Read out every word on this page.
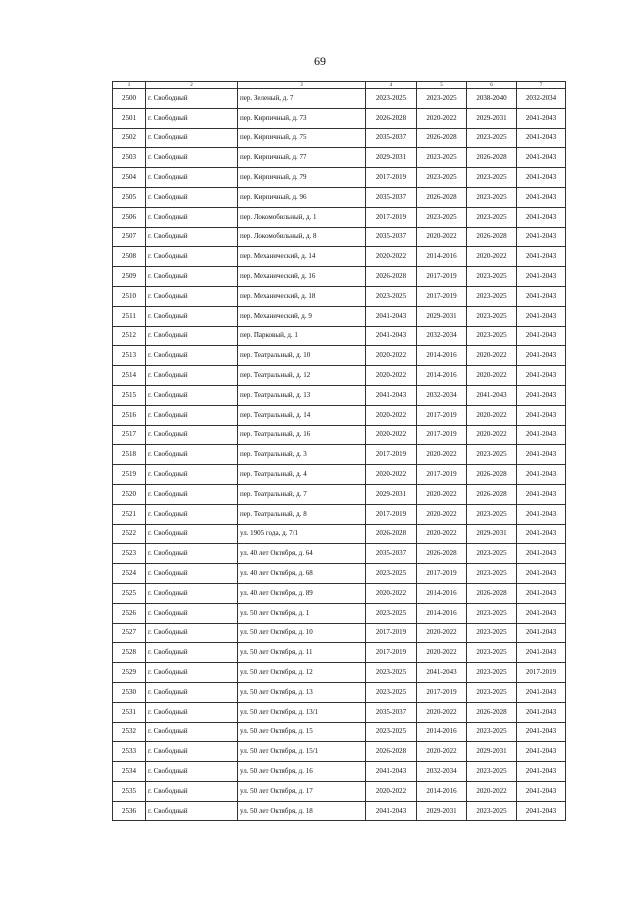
69
1	2	3	4	5	6	7
2500	г. Свободный	пер. Зеленый, д. 7	2023-2025	2023-2025	2038-2040	2032-2034
2501	г. Свободный	пер. Кирпичный, д. 73	2026-2028	2020-2022	2029-2031	2041-2043
2502	г. Свободный	пер. Кирпичный, д. 75	2035-2037	2026-2028	2023-2025	2041-2043
2503	г. Свободный	пер. Кирпичный, д. 77	2029-2031	2023-2025	2026-2028	2041-2043
2504	г. Свободный	пер. Кирпичный, д. 79	2017-2019	2023-2025	2023-2025	2041-2043
2505	г. Свободный	пер. Кирпичный, д. 96	2035-2037	2026-2028	2023-2025	2041-2043
2506	г. Свободный	пер. Локомобильный, д. 1	2017-2019	2023-2025	2023-2025	2041-2043
2507	г. Свободный	пер. Локомобильный, д. 8	2035-2037	2020-2022	2026-2028	2041-2043
2508	г. Свободный	пер. Механический, д. 14	2020-2022	2014-2016	2020-2022	2041-2043
2509	г. Свободный	пер. Механический, д. 16	2026-2028	2017-2019	2023-2025	2041-2043
2510	г. Свободный	пер. Механический, д. 18	2023-2025	2017-2019	2023-2025	2041-2043
2511	г. Свободный	пер. Механический, д. 9	2041-2043	2029-2031	2023-2025	2041-2043
2512	г. Свободный	пер. Парковый, д. 1	2041-2043	2032-2034	2023-2025	2041-2043
2513	г. Свободный	пер. Театральный, д. 10	2020-2022	2014-2016	2020-2022	2041-2043
2514	г. Свободный	пер. Театральный, д. 12	2020-2022	2014-2016	2020-2022	2041-2043
2515	г. Свободный	пер. Театральный, д. 13	2041-2043	2032-2034	2041-2043	2041-2043
2516	г. Свободный	пер. Театральный, д. 14	2020-2022	2017-2019	2020-2022	2041-2043
2517	г. Свободный	пер. Театральный, д. 16	2020-2022	2017-2019	2020-2022	2041-2043
2518	г. Свободный	пер. Театральный, д. 3	2017-2019	2020-2022	2023-2025	2041-2043
2519	г. Свободный	пер. Театральный, д. 4	2020-2022	2017-2019	2026-2028	2041-2043
2520	г. Свободный	пер. Театральный, д. 7	2029-2031	2020-2022	2026-2028	2041-2043
2521	г. Свободный	пер. Театральный, д. 8	2017-2019	2020-2022	2023-2025	2041-2043
2522	г. Свободный	ул. 1905 года, д. 7/1	2026-2028	2020-2022	2029-2031	2041-2043
2523	г. Свободный	ул. 40 лет Октября, д. 64	2035-2037	2026-2028	2023-2025	2041-2043
2524	г. Свободный	ул. 40 лет Октября, д. 68	2023-2025	2017-2019	2023-2025	2041-2043
2525	г. Свободный	ул. 40 лет Октября, д. 89	2020-2022	2014-2016	2026-2028	2041-2043
2526	г. Свободный	ул. 50 лет Октября, д. 1	2023-2025	2014-2016	2023-2025	2041-2043
2527	г. Свободный	ул. 50 лет Октября, д. 10	2017-2019	2020-2022	2023-2025	2041-2043
2528	г. Свободный	ул. 50 лет Октября, д. 11	2017-2019	2020-2022	2023-2025	2041-2043
2529	г. Свободный	ул. 50 лет Октября, д. 12	2023-2025	2041-2043	2023-2025	2017-2019
2530	г. Свободный	ул. 50 лет Октября, д. 13	2023-2025	2017-2019	2023-2025	2041-2043
2531	г. Свободный	ул. 50 лет Октября, д. 13/1	2035-2037	2020-2022	2026-2028	2041-2043
2532	г. Свободный	ул. 50 лет Октября, д. 15	2023-2025	2014-2016	2023-2025	2041-2043
2533	г. Свободный	ул. 50 лет Октября, д. 15/1	2026-2028	2020-2022	2029-2031	2041-2043
2534	г. Свободный	ул. 50 лет Октября, д. 16	2041-2043	2032-2034	2023-2025	2041-2043
2535	г. Свободный	ул. 50 лет Октября, д. 17	2020-2022	2014-2016	2020-2022	2041-2043
2536	г. Свободный	ул. 50 лет Октября, д. 18	2041-2043	2029-2031	2023-2025	2041-2043
